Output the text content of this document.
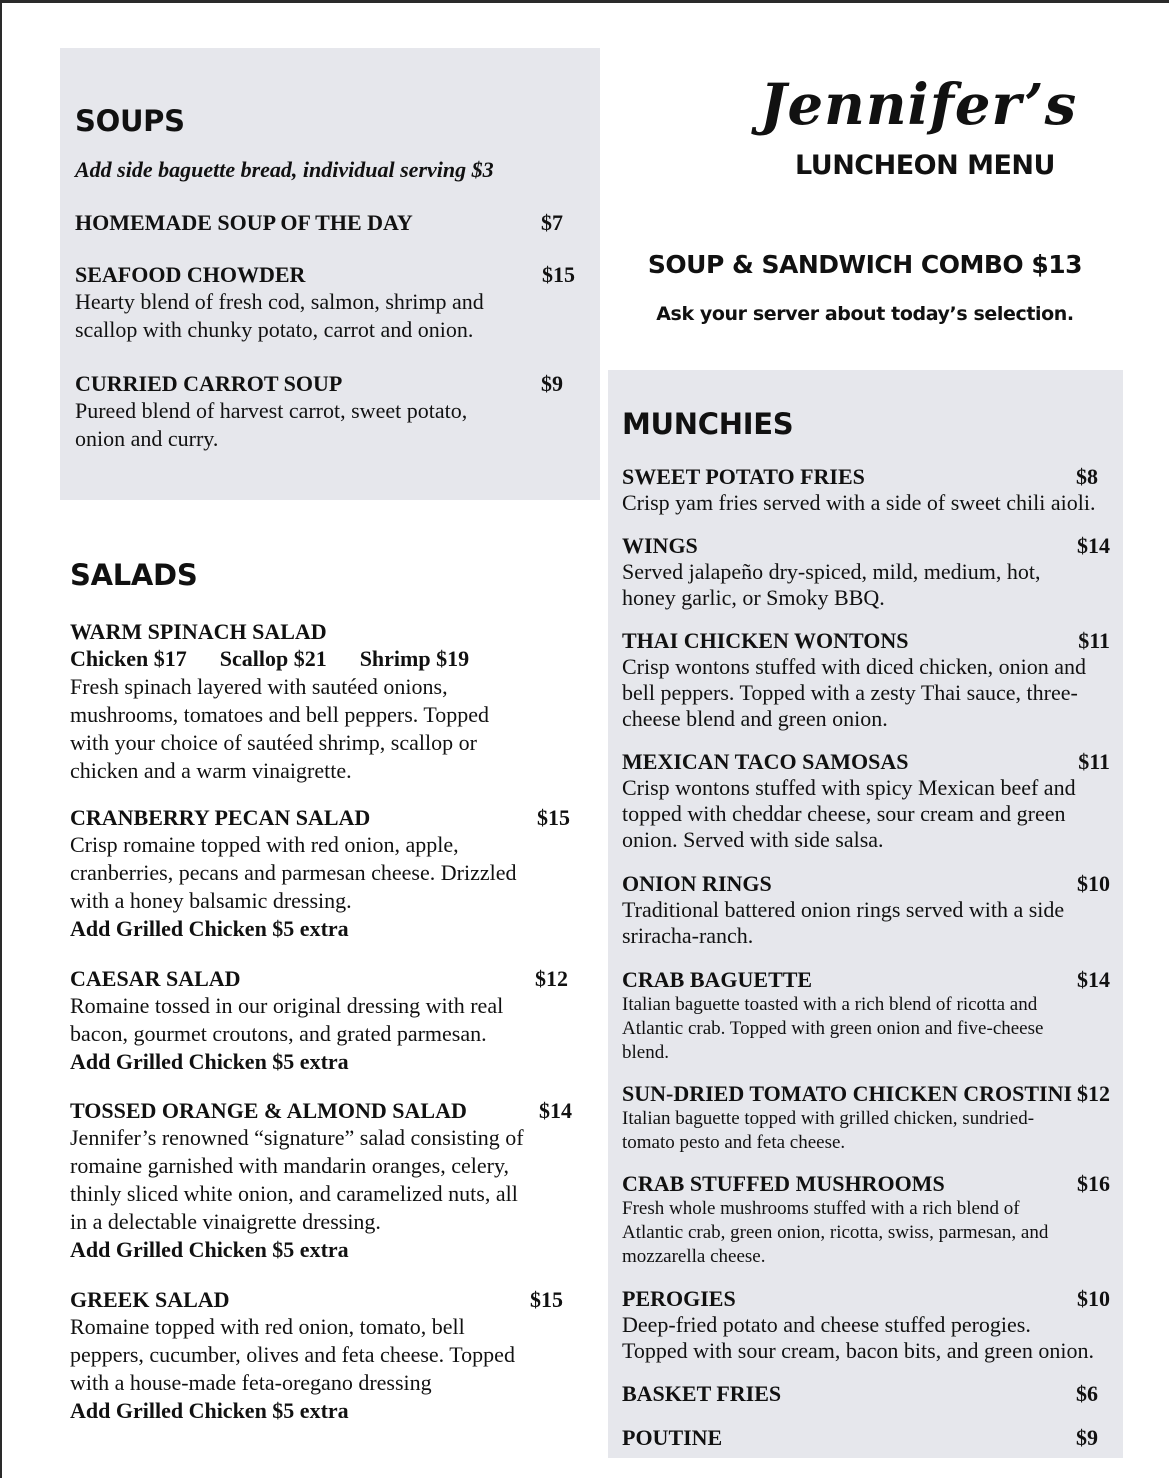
Jennifer’s
LUNCHEON MENU
SOUP & SANDWICH COMBO $13
Ask your server about today’s selection.
SOUPS

Add side baguette bread, individual serving $3

HOMEMADE SOUP OF THE DAY	$7
SEAFOOD CHOWDER	$15
Hearty blend of fresh cod, salmon, shrimp and
scallop with chunky potato, carrot and onion.
CURRIED CARROT SOUP	$9
Pureed blend of harvest carrot, sweet potato,
onion and curry.
SALADS
WARM SPINACH SALAD
Chicken $17      Scallop $21      Shrimp $19
Fresh spinach layered with sautéed onions,
mushrooms, tomatoes and bell peppers. Topped
with your choice of sautéed shrimp, scallop or
chicken and a warm vinaigrette.
CRANBERRY PECAN SALAD	$15
Crisp romaine topped with red onion, apple,
cranberries, pecans and parmesan cheese. Drizzled
with a honey balsamic dressing.
Add Grilled Chicken $5 extra
CAESAR SALAD	$12
Romaine tossed in our original dressing with real
bacon, gourmet croutons, and grated parmesan.
Add Grilled Chicken $5 extra
TOSSED ORANGE & ALMOND SALAD	$14
Jennifer’s renowned “signature” salad consisting of
romaine garnished with mandarin oranges, celery,
thinly sliced white onion, and caramelized nuts, all
in a delectable vinaigrette dressing.
Add Grilled Chicken $5 extra
GREEK SALAD	$15
Romaine topped with red onion, tomato, bell
peppers, cucumber, olives and feta cheese. Topped
with a house-made feta-oregano dressing
Add Grilled Chicken $5 extra
MUNCHIES
SWEET POTATO FRIES	$8
Crisp yam fries served with a side of sweet chili aioli.
WINGS	$14
Served jalapeño dry-spiced, mild, medium, hot,
honey garlic, or Smoky BBQ.
THAI CHICKEN WONTONS	$11
Crisp wontons stuffed with diced chicken, onion and
bell peppers. Topped with a zesty Thai sauce, three-
cheese blend and green onion.
MEXICAN TACO SAMOSAS	$11
Crisp wontons stuffed with spicy Mexican beef and
topped with cheddar cheese, sour cream and green
onion. Served with side salsa.
ONION RINGS	$10
Traditional battered onion rings served with a side
sriracha-ranch.
CRAB BAGUETTE	$14
Italian baguette toasted with a rich blend of ricotta and
Atlantic crab. Topped with green onion and five-cheese
blend.
SUN-DRIED TOMATO CHICKEN CROSTINI $12
Italian baguette topped with grilled chicken, sundried-
tomato pesto and feta cheese.
CRAB STUFFED MUSHROOMS	$16
Fresh whole mushrooms stuffed with a rich blend of
Atlantic crab, green onion, ricotta, swiss, parmesan, and
mozzarella cheese.
PEROGIES	$10
Deep-fried potato and cheese stuffed perogies.
Topped with sour cream, bacon bits, and green onion.
BASKET FRIES	$6
POUTINE	$9
